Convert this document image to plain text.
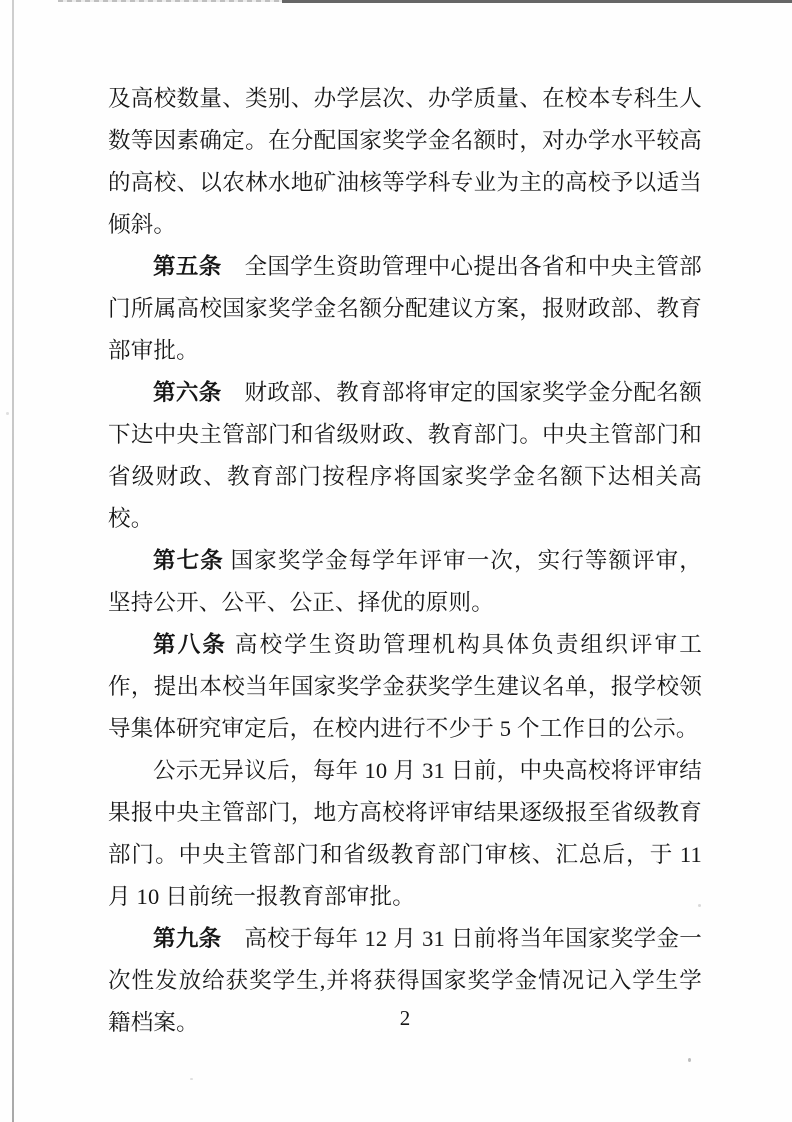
及高校数量、类别、办学层次、办学质量、在校本专科生人数等因素确定。在分配国家奖学金名额时，对办学水平较高的高校、以农林水地矿油核等学科专业为主的高校予以适当倾斜。

第五条　全国学生资助管理中心提出各省和中央主管部门所属高校国家奖学金名额分配建议方案，报财政部、教育部审批。

第六条　财政部、教育部将审定的国家奖学金分配名额下达中央主管部门和省级财政、教育部门。中央主管部门和省级财政、教育部门按程序将国家奖学金名额下达相关高校。

第七条 国家奖学金每学年评审一次，实行等额评审，坚持公开、公平、公正、择优的原则。

第八条 高校学生资助管理机构具体负责组织评审工作，提出本校当年国家奖学金获奖学生建议名单，报学校领导集体研究审定后，在校内进行不少于 5 个工作日的公示。

公示无异议后，每年 10 月 31 日前，中央高校将评审结果报中央主管部门，地方高校将评审结果逐级报至省级教育部门。中央主管部门和省级教育部门审核、汇总后，于 11 月 10 日前统一报教育部审批。

第九条　高校于每年 12 月 31 日前将当年国家奖学金一次性发放给获奖学生,并将获得国家奖学金情况记入学生学籍档案。	2
